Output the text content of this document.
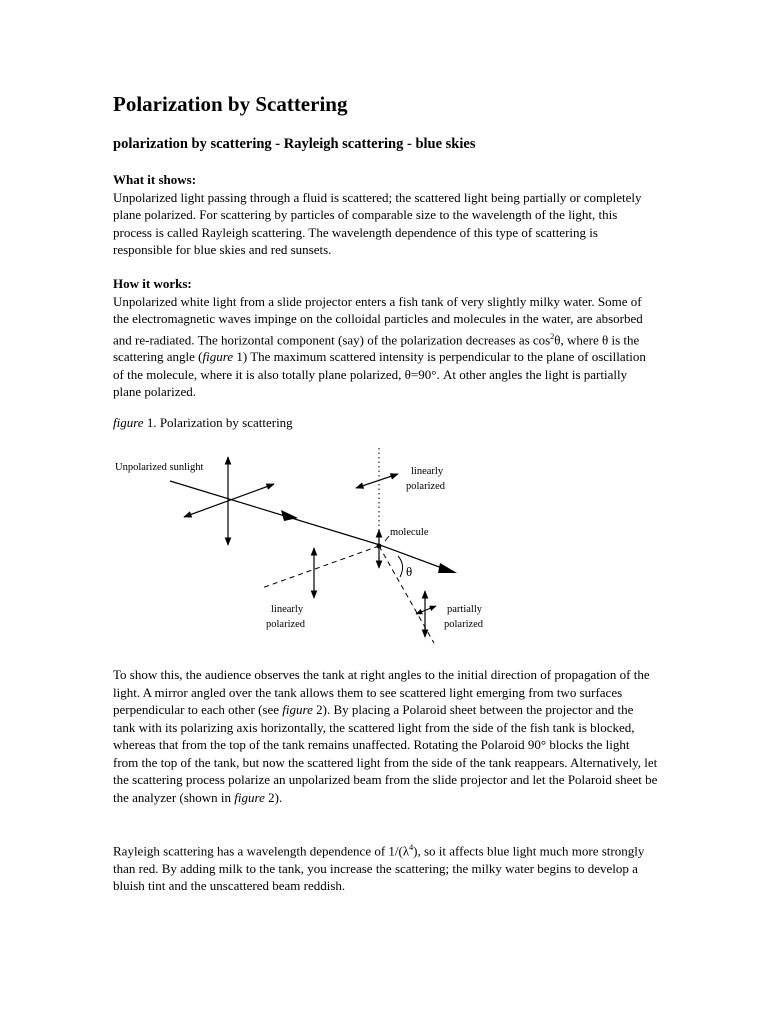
Polarization by Scattering
polarization by scattering - Rayleigh scattering - blue skies

What it shows:

Unpolarized light passing through a fluid is scattered; the scattered light being partially or completely plane polarized. For scattering by particles of comparable size to the wavelength of the light, this process is called Rayleigh scattering. The wavelength dependence of this type of scattering is responsible for blue skies and red sunsets.

How it works:

Unpolarized white light from a slide projector enters a fish tank of very slightly milky water. Some of the electromagnetic waves impinge on the colloidal particles and molecules in the water, are absorbed and re-radiated. The horizontal component (say) of the polarization decreases as $\cos^2\theta$, where θ is the scattering angle (figure 1) The maximum scattered intensity is perpendicular to the plane of oscillation of the molecule, where it is also totally plane polarized, θ=90°. At other angles the light is partially plane polarized.

figure 1. Polarization by scattering

To show this, the audience observes the tank at right angles to the initial direction of propagation of the light. A mirror angled over the tank allows them to see scattered light emerging from two surfaces perpendicular to each other (see figure 2). By placing a Polaroid sheet between the projector and the tank with its polarizing axis horizontally, the scattered light from the side of the fish tank is blocked, whereas that from the top of the tank remains unaffected. Rotating the Polaroid 90° blocks the light from the top of the tank, but now the scattered light from the side of the tank reappears. Alternatively, let the scattering process polarize an unpolarized beam from the slide projector and let the Polaroid sheet be the analyzer (shown in figure 2).

Rayleigh scattering has a wavelength dependence of $1/(\lambda^4)$, so it affects blue light much more strongly than red. By adding milk to the tank, you increase the scattering; the milky water begins to develop a bluish tint and the unscattered beam reddish.

Unpolarized sunlight	linearly
polarized
molecule
θ
linearly
polarized
partially
polarized
